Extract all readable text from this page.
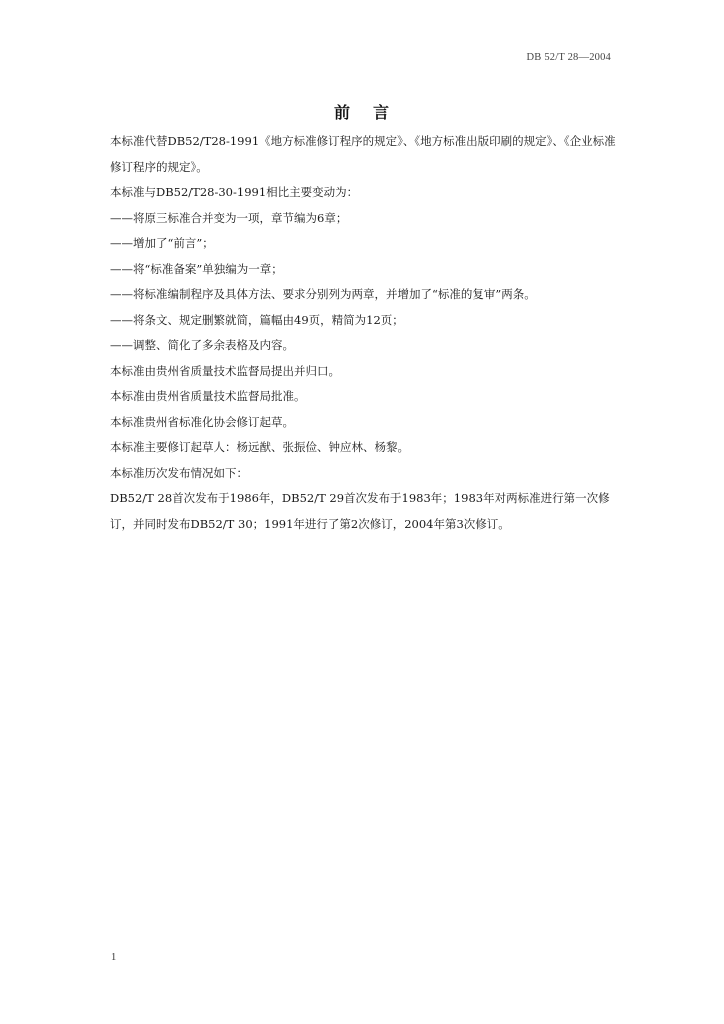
DB 52/T 28—2004
前 言

本标准代替DB52/T28-1991《地方标准修订程序的规定》、《地方标准出版印刷的规定》、《企业标准修订程序的规定》。

本标准与DB52/T28-30-1991相比主要变动为：

——将原三标准合并变为一项，章节编为6章；

——增加了“前言”；

——将“标准备案”单独编为一章；

——将标准编制程序及具体方法、要求分别列为两章，并增加了“标准的复审”两条。

——将条文、规定删繁就简，篇幅由49页，精简为12页；

——调整、简化了多余表格及内容。

本标准由贵州省质量技术监督局提出并归口。

本标准由贵州省质量技术监督局批准。

本标准贵州省标准化协会修订起草。

本标准主要修订起草人：杨远猷、张振俭、钟应林、杨黎。

本标准历次发布情况如下：

DB52/T 28首次发布于1986年，DB52/T 29首次发布于1983年；1983年对两标准进行第一次修订，并同时发布DB52/T 30；1991年进行了第2次修订，2004年第3次修订。

1
